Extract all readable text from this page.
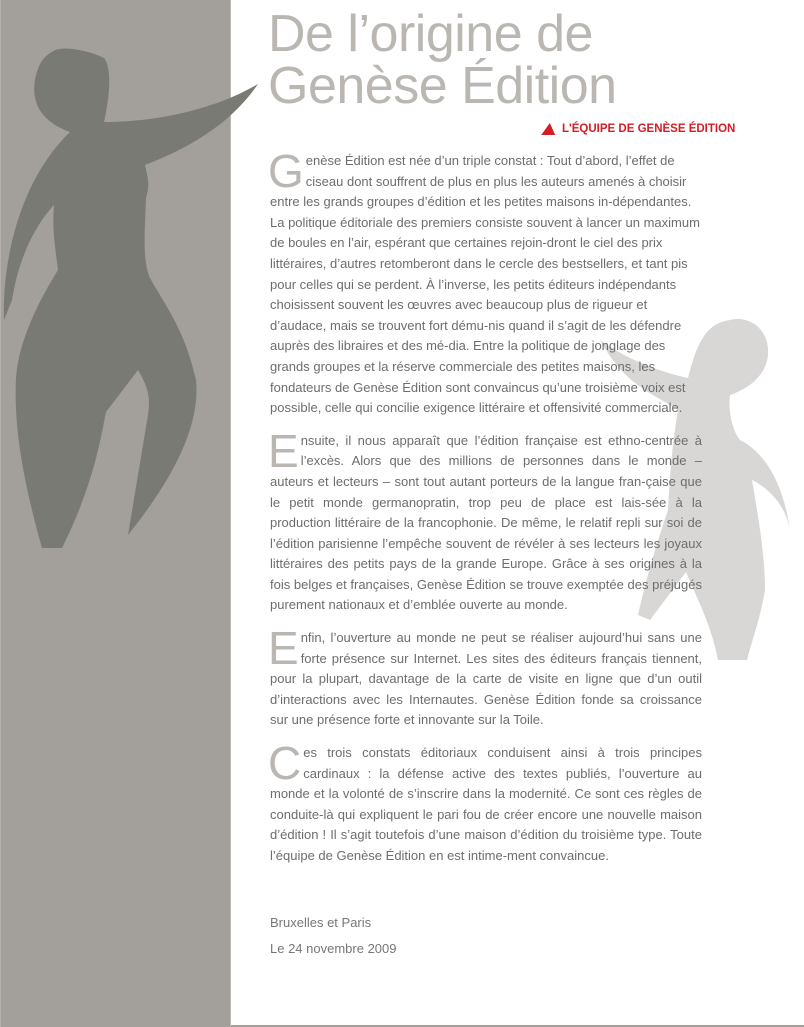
De l’origine de
Genèse Édition
L'ÉQUIPE DE GENÈSE ÉDITION

Genèse Édition est née d’un triple constat : Tout d’abord, l’effet de ciseau dont souffrent de plus en plus les auteurs amenés à choisir entre les grands groupes d’édition et les petites maisons in-dépendantes. La politique éditoriale des premiers consiste souvent à lancer un maximum de boules en l’air, espérant que certaines rejoin-dront le ciel des prix littéraires, d’autres retomberont dans le cercle des bestsellers, et tant pis pour celles qui se perdent. À l’inverse, les petits éditeurs indépendants choisissent souvent les œuvres avec beaucoup plus de rigueur et d’audace, mais se trouvent fort dému-nis quand il s’agit de les défendre auprès des libraires et des mé-dia. Entre la politique de jonglage des grands groupes et la réserve commerciale des petites maisons, les fondateurs de Genèse Édition sont convaincus qu’une troisième voix est possible, celle qui concilie exigence littéraire et offensivité commerciale.

Ensuite, il nous apparaît que l’édition française est ethno-centrée à l’excès. Alors que des millions de personnes dans le monde – auteurs et lecteurs – sont tout autant porteurs de la langue fran-çaise que le petit monde germanopratin, trop peu de place est lais-sée à la production littéraire de la francophonie. De même, le relatif repli sur soi de l’édition parisienne l’empêche souvent de révéler à ses lecteurs les joyaux littéraires des petits pays de la grande Europe. Grâce à ses origines à la fois belges et françaises, Genèse Édition se trouve exemptée des préjugés purement nationaux et d’emblée ouverte au monde.

Enfin, l’ouverture au monde ne peut se réaliser aujourd’hui sans une forte présence sur Internet. Les sites des éditeurs français tiennent, pour la plupart, davantage de la carte de visite en ligne que d’un outil d’interactions avec les Internautes. Genèse Édition fonde sa croissance sur une présence forte et innovante sur la Toile.

Ces trois constats éditoriaux conduisent ainsi à trois principes cardinaux : la défense active des textes publiés, l’ouverture au monde et la volonté de s’inscrire dans la modernité. Ce sont ces règles de conduite-là qui expliquent le pari fou de créer encore une nouvelle maison d’édition ! Il s’agit toutefois d’une maison d’édition du troisième type. Toute l’équipe de Genèse Édition en est intime-ment convaincue.

Bruxelles et Paris
Le 24 novembre 2009
